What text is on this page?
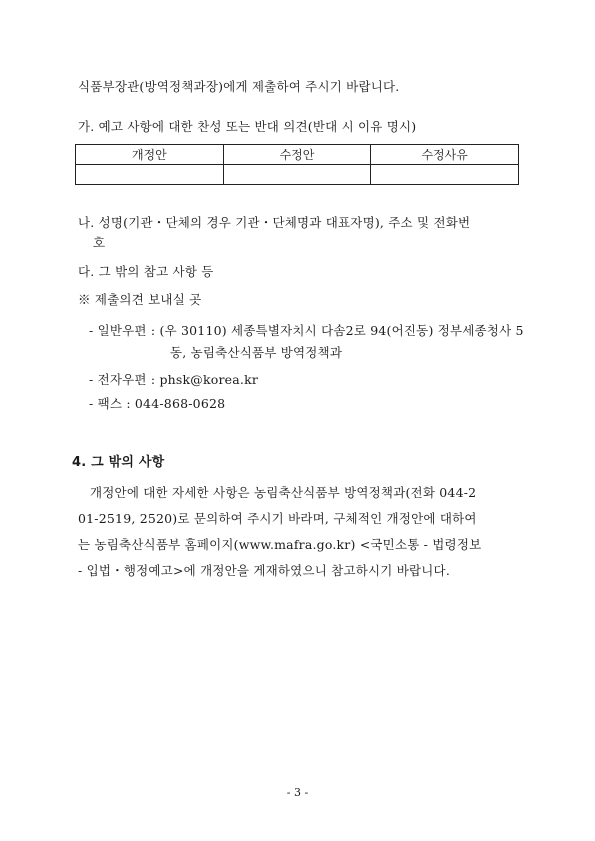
식품부장관(방역정책과장)에게 제출하여 주시기 바랍니다.
가. 예고 사항에 대한 찬성 또는 반대 의견(반대 시 이유 명시)
개정안	수정안	수정사유

나. 성명(기관・단체의 경우 기관・단체명과 대표자명), 주소 및 전화번
호
다. 그 밖의 참고 사항 등
※ 제출의견 보내실 곳
- 일반우편 : (우 30110) 세종특별자치시 다솜2로 94(어진동) 정부세종청사 5
동, 농림축산식품부 방역정책과
- 전자우편 : phsk@korea.kr
- 팩스 : 044-868-0628
4. 그 밖의 사항
개정안에 대한 자세한 사항은 농림축산식품부 방역정책과(전화 044-2
01-2519, 2520)로 문의하여 주시기 바라며, 구체적인 개정안에 대하여
는 농림축산식품부 홈페이지(www.mafra.go.kr) <국민소통 - 법령정보
- 입법・행정예고>에 개정안을 게재하였으니 참고하시기 바랍니다.
- 3 -
